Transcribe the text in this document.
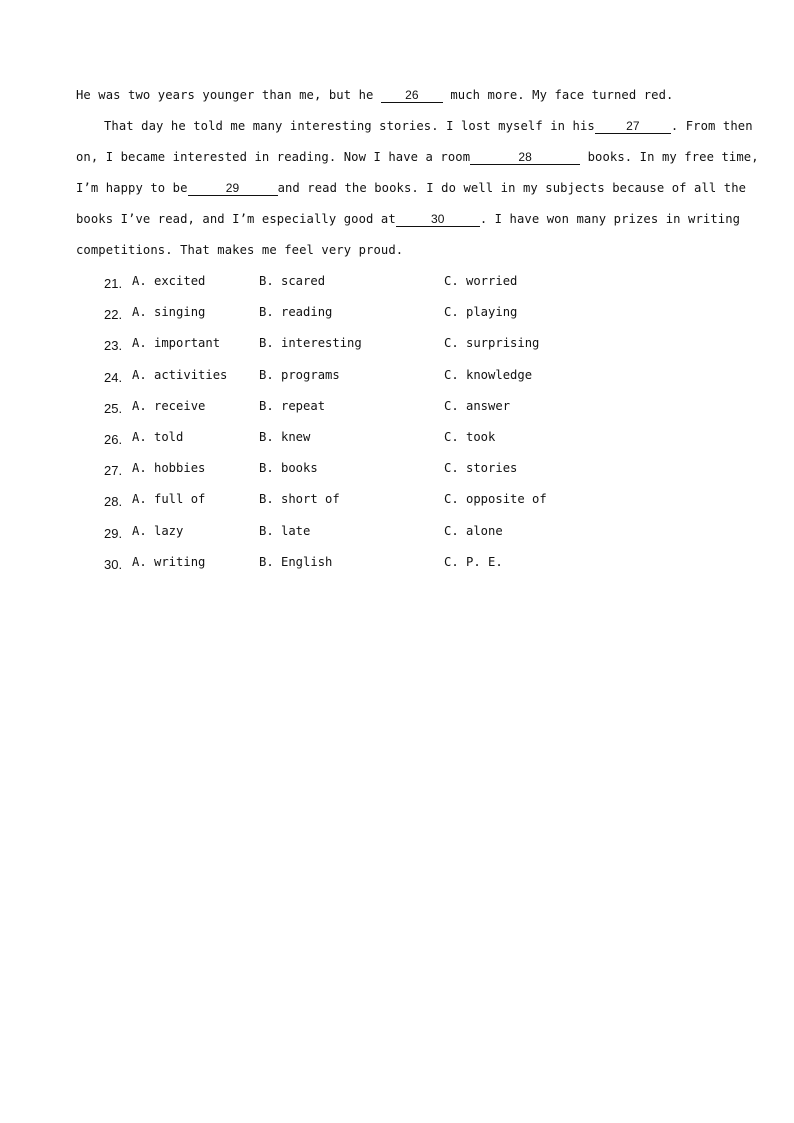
He was two years younger than me, but he 26 much more. My face turned red.
That day he told me many interesting stories. I lost myself in his	27	. From then
on, I became interested in reading. Now I have a room	28	books. In my free time,
I’m happy to be	29	and read the books. I do well in my subjects because of all the
books I’ve read, and I’m especially good at	30	. I have won many prizes in writing
competitions. That makes me feel very proud.
21. A. excited	B. scared	C. worried
22. A. singing	B. reading	C. playing
23. A. important	B. interesting	C. surprising
24. A. activities	B. programs	C. knowledge
25. A. receive	B. repeat	C. answer
26. A. told	B. knew	C. took
27. A. hobbies	B. books	C. stories
28. A. full of	B. short of	C. opposite of
29. A. lazy	B. late	C. alone
30. A. writing	B. English	C. P. E.
